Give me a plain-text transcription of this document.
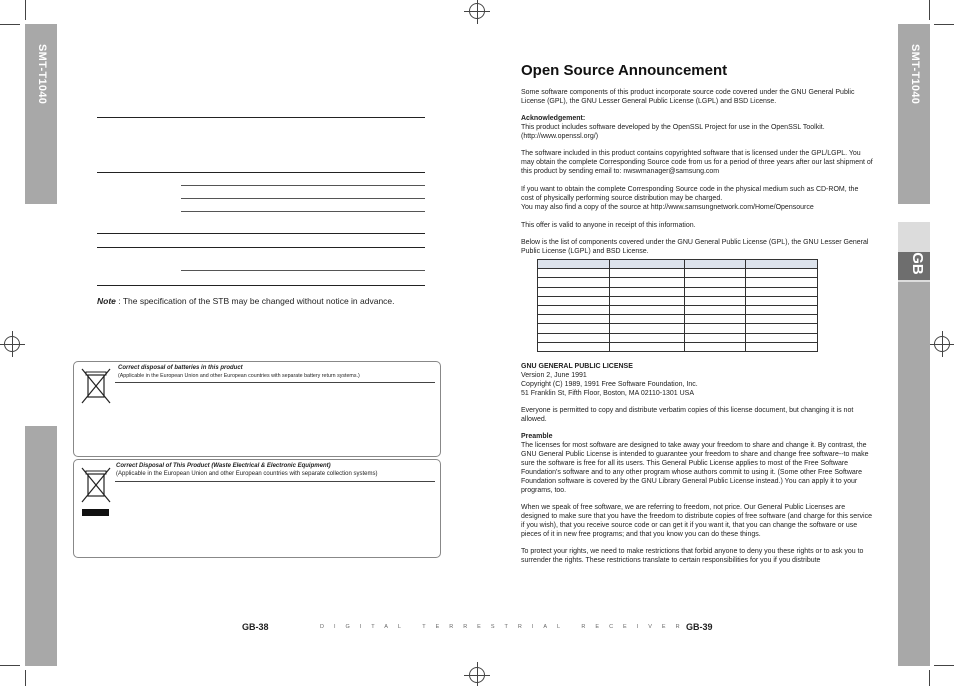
SMT-T1040
GB
SMT-T1040
Note : The specification of the STB may be changed without notice in advance.
Correct disposal of batteries in this product
(Applicable in the European Union and other European countries with separate battery return systems.)
Correct Disposal of This Product (Waste Electrical & Electronic Equipment)
(Applicable in the European Union and other European countries with separate collection systems)
GB-38	DIGITAL TERRESTRIAL RECEIVER
GB-39
Open Source Announcement
Some software components of this product incorporate source code covered under the GNU General Public License (GPL), the GNU Lesser General Public License (LGPL) and BSD License.
Acknowledgement:
This product includes software developed by the OpenSSL Project for use in the OpenSSL Toolkit. (http://www.openssl.org/)
The software included in this product contains copyrighted software that is licensed under the GPL/LGPL. You may obtain the complete Corresponding Source code from us for a period of three years after our last shipment of this product by sending email to: nwswmanager@samsung.com
If you want to obtain the complete Corresponding Source code in the physical medium such as CD-ROM, the cost of physically performing source distribution may be charged.
You may also find a copy of the source at http://www.samsungnetwork.com/Home/Opensource
This offer is valid to anyone in receipt of this information.
Below is the list of components covered under the GNU General Public License (GPL), the GNU Lesser General Public License (LGPL) and BSD License.

GNU GENERAL PUBLIC LICENSE
Version 2, June 1991
Copyright (C) 1989, 1991 Free Software Foundation, Inc.
51 Franklin St, Fifth Floor, Boston, MA 02110-1301 USA
Everyone is permitted to copy and distribute verbatim copies of this license document, but changing it is not allowed.
Preamble
The licenses for most software are designed to take away your freedom to share and change it. By contrast, the GNU General Public License is intended to guarantee your freedom to share and change free software--to make sure the software is free for all its users. This General Public License applies to most of the Free Software Foundation's software and to any other program whose authors commit to using it. (Some other Free Software Foundation software is covered by the GNU Library General Public License instead.) You can apply it to your programs, too.
When we speak of free software, we are referring to freedom, not price. Our General Public Licenses are designed to make sure that you have the freedom to distribute copies of free software (and charge for this service if you wish), that you receive source code or can get it if you want it, that you can change the software or use pieces of it in new free programs; and that you know you can do these things.
To protect your rights, we need to make restrictions that forbid anyone to deny you these rights or to ask you to surrender the rights. These restrictions translate to certain responsibilities for you if you distribute
